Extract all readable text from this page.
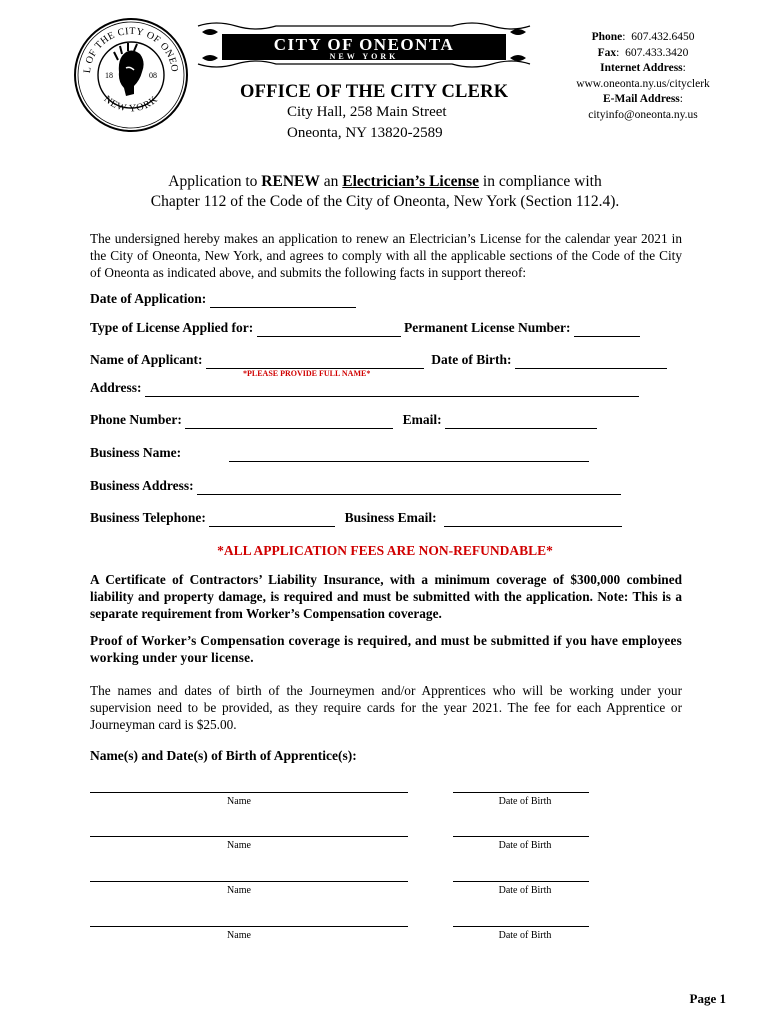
L OF THE CITY OF ONEO
NEW YORK
18	08
CITY OF ONEONTA
NEW YORK
Phone:  607.432.6450
Fax:  607.433.3420
Internet Address:
www.oneonta.ny.us/cityclerk
E-Mail Address:
cityinfo@oneonta.ny.us
OFFICE OF THE CITY CLERK
City Hall, 258 Main Street
Oneonta, NY 13820-2589
Application to RENEW an Electrician’s License in compliance with
Chapter 112 of the Code of the City of Oneonta, New York (Section 112.4).
The undersigned hereby makes an application to renew an Electrician’s License for the calendar year 2021 in the City of Oneonta, New York, and agrees to comply with all the applicable sections of the Code of the City of Oneonta as indicated above, and submits the following facts in support thereof:
Date of Application:
Type of License Applied for:	Permanent License Number:
Name of Applicant:	Date of Birth:
*PLEASE PROVIDE FULL NAME*
Address:
Phone Number:	Email:
Business Name:
Business Address:
Business Telephone:	Business Email:
*ALL APPLICATION FEES ARE NON-REFUNDABLE*
A Certificate of Contractors’ Liability Insurance, with a minimum coverage of $300,000 combined liability and property damage, is required and must be submitted with the application. Note: This is a separate requirement from Worker’s Compensation coverage.
Proof of Worker’s Compensation coverage is required, and must be submitted if you have employees working under your license.
The names and dates of birth of the Journeymen and/or Apprentices who will be working under your supervision need to be provided, as they require cards for the year 2021. The fee for each Apprentice or Journeyman card is $25.00.
Name(s) and Date(s) of Birth of Apprentice(s):
Name	Date of Birth
Name	Date of Birth
Name	Date of Birth
Name	Date of Birth
Page 1
